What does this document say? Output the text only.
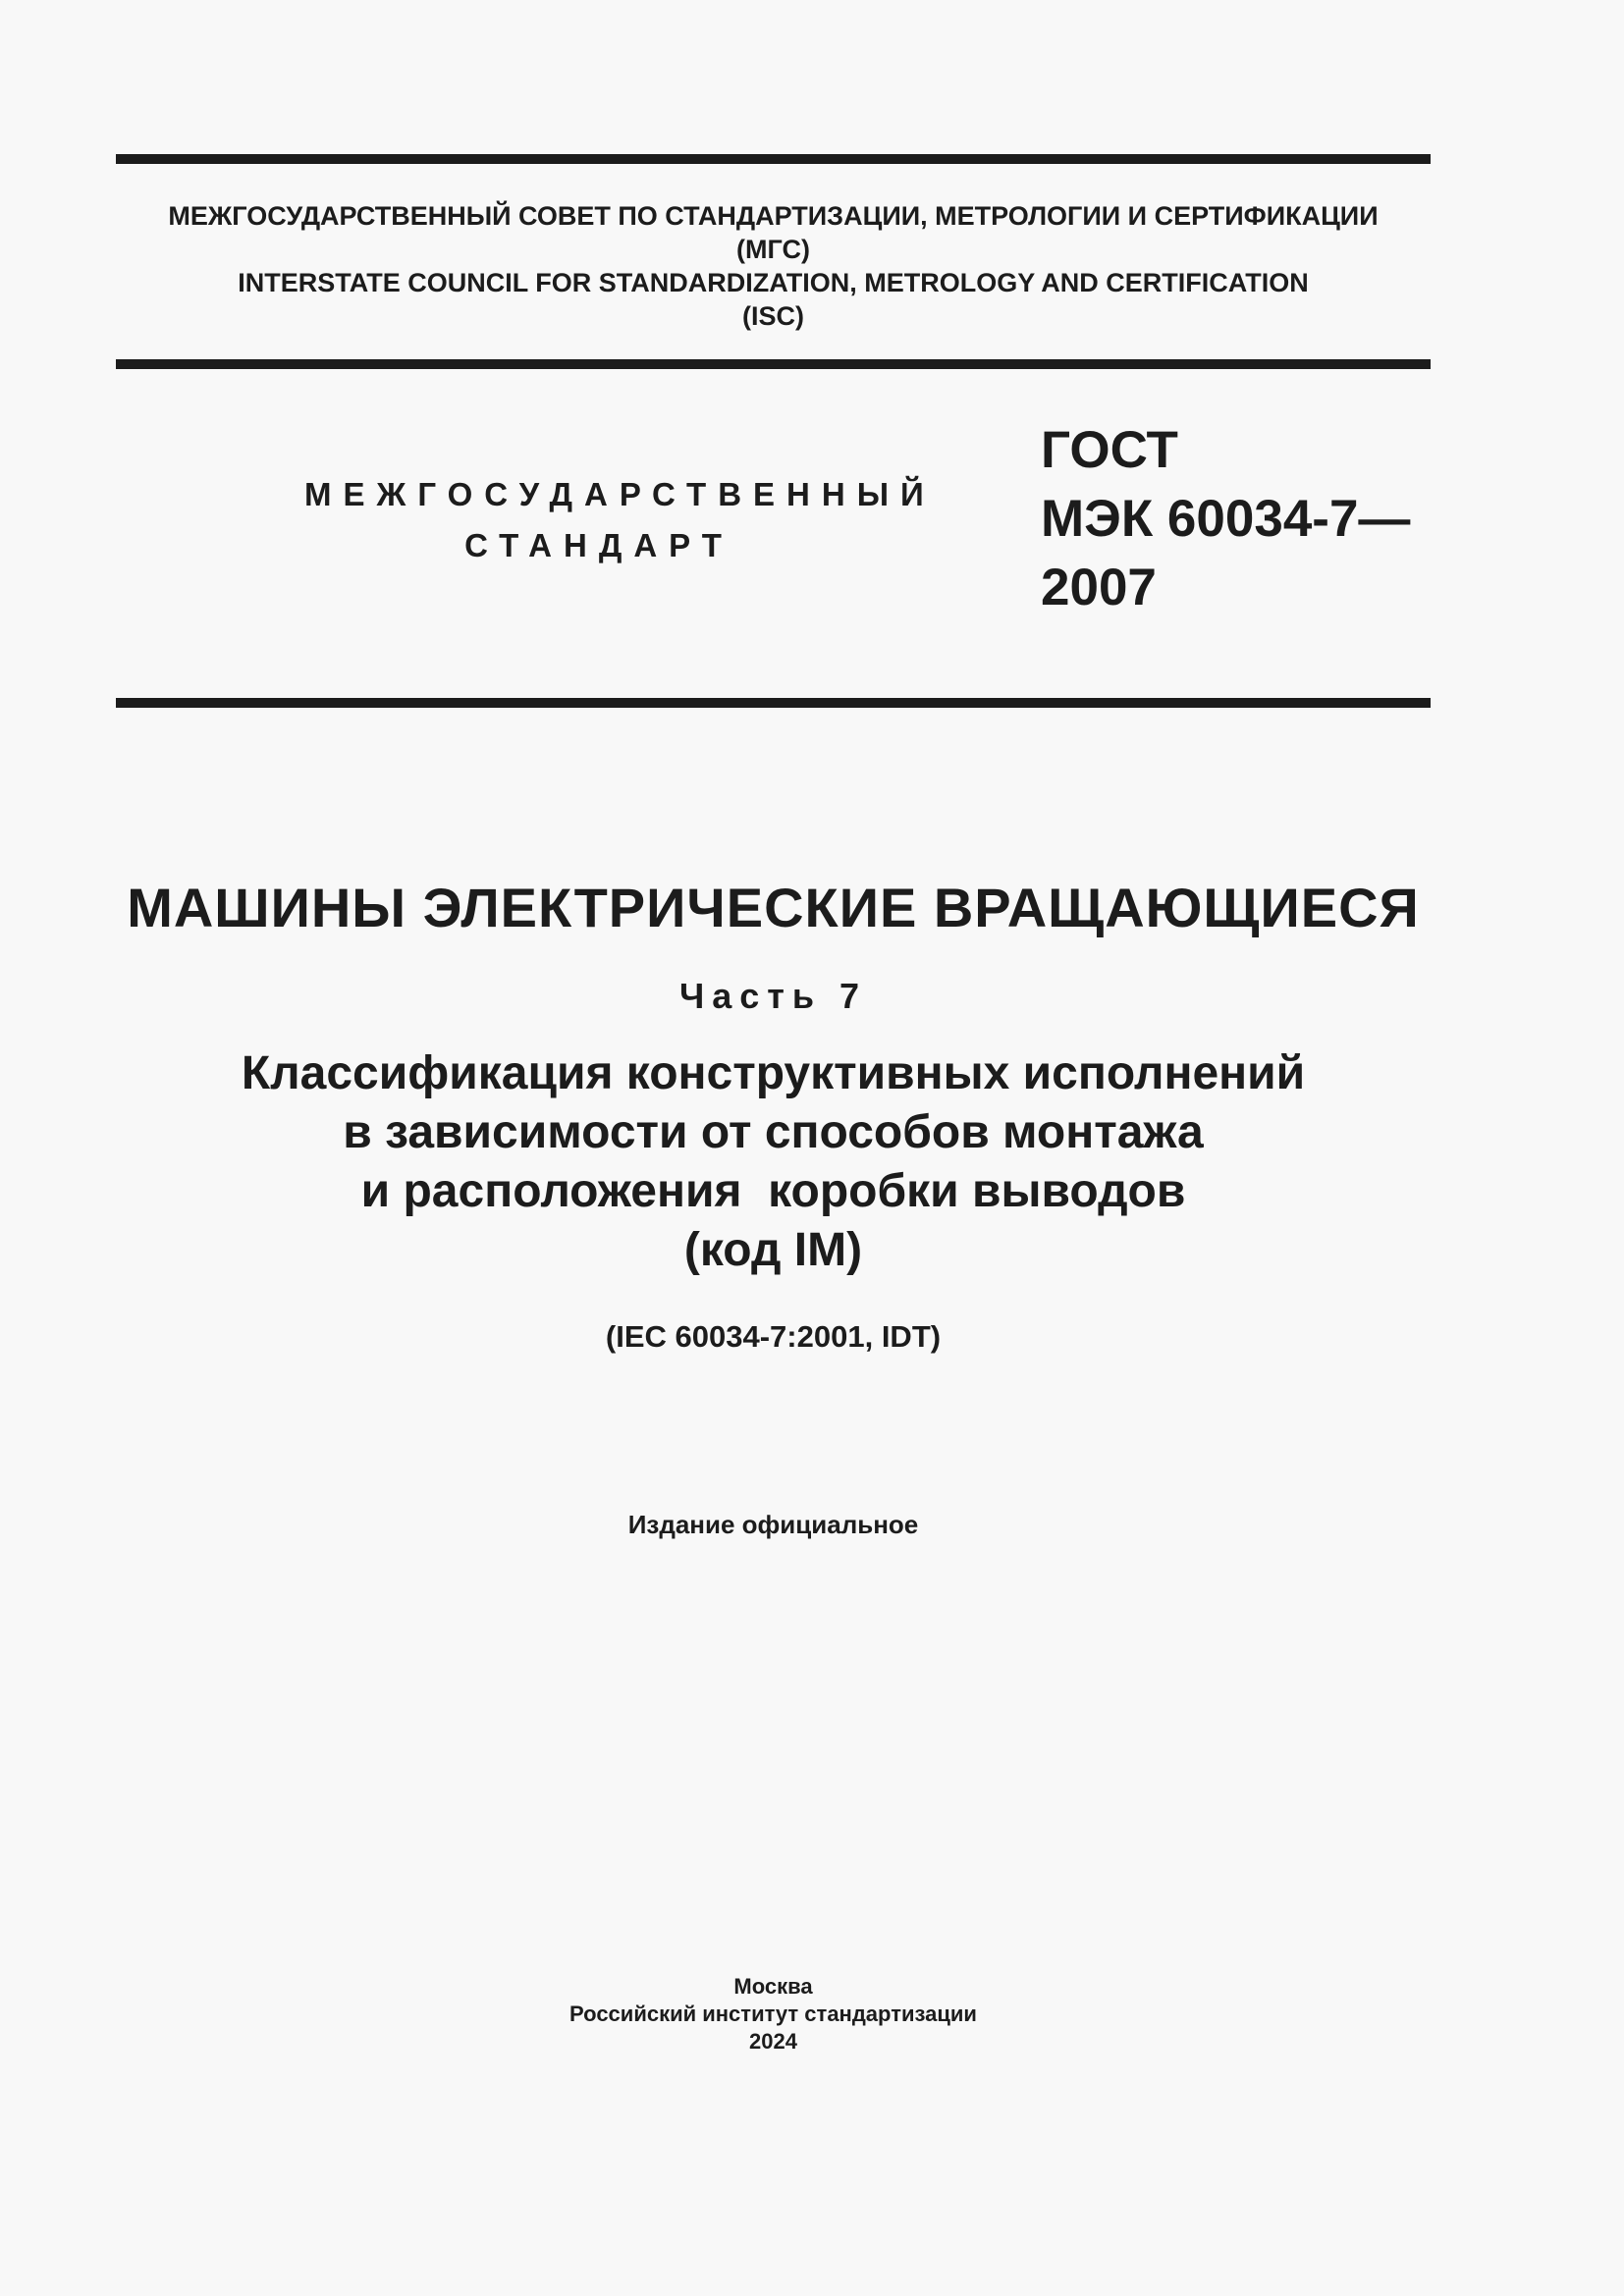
МЕЖГОСУДАРСТВЕННЫЙ СОВЕТ ПО СТАНДАРТИЗАЦИИ, МЕТРОЛОГИИ И СЕРТИФИКАЦИИ
(МГС)
INTERSTATE COUNCIL FOR STANDARDIZATION, METROLOGY AND CERTIFICATION
(ISC)
МЕЖГОСУДАРСТВЕННЫЙ
СТАНДАРТ
ГОСТ
МЭК 60034-7—
2007
МАШИНЫ ЭЛЕКТРИЧЕСКИЕ ВРАЩАЮЩИЕСЯ
Часть 7
Классификация конструктивных исполнений
в зависимости от способов монтажа
и расположения  коробки выводов
(код IM)
(IEC 60034-7:2001, IDT)
Издание официальное
Москва
Российский институт стандартизации
2024
